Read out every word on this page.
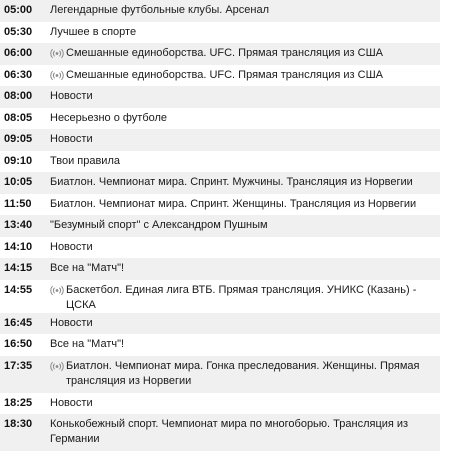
05:00	Легендарные футбольные клубы. Арсенал
05:30	Лучшее в спорте
06:00	Смешанные единоборства. UFC. Прямая трансляция из США
06:30	Смешанные единоборства. UFC. Прямая трансляция из США
08:00	Новости
08:05	Несерьезно о футболе
09:05	Новости
09:10	Твои правила
10:05	Биатлон. Чемпионат мира. Спринт. Мужчины. Трансляция из Норвегии
11:50	Биатлон. Чемпионат мира. Спринт. Женщины. Трансляция из Норвегии
13:40	"Безумный спорт" с Александром Пушным
14:10	Новости
14:15	Все на "Матч"!
14:55	Баскетбол. Единая лига ВТБ. Прямая трансляция. УНИКС (Казань) - ЦСКА
16:45	Новости
16:50	Все на "Матч"!
17:35	Биатлон. Чемпионат мира. Гонка преследования. Женщины. Прямая трансляция из Норвегии
18:25	Новости
18:30	Конькобежный спорт. Чемпионат мира по многоборью. Трансляция из Германии
